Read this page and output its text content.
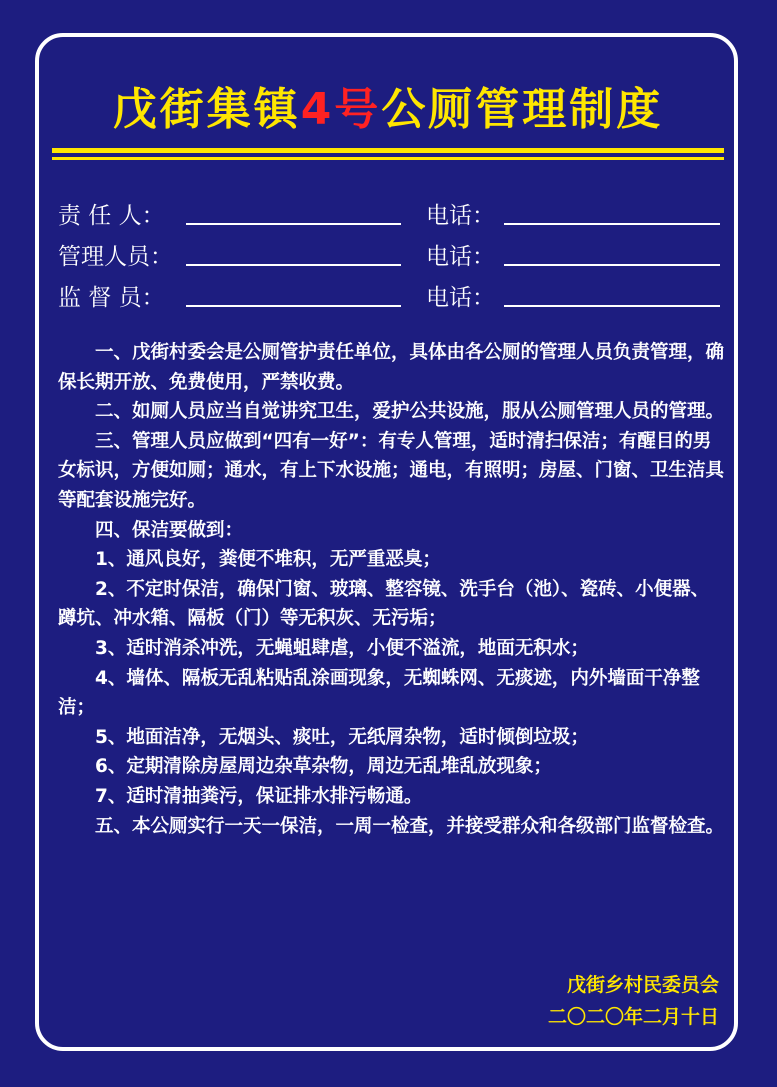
戊街集镇4号公厕管理制度
责 任 人：	电话：
管理人员：	电话：
监 督 员：	电话：

一、戊街村委会是公厕管护责任单位，具体由各公厕的管理人员负责管理，确保长期开放、免费使用，严禁收费。

二、如厕人员应当自觉讲究卫生，爱护公共设施，服从公厕管理人员的管理。

三、管理人员应做到“四有一好”：有专人管理，适时清扫保洁；有醒目的男女标识，方便如厕；通水，有上下水设施；通电，有照明；房屋、门窗、卫生洁具等配套设施完好。

四、保洁要做到：

1、通风良好，粪便不堆积，无严重恶臭；

2、不定时保洁，确保门窗、玻璃、整容镜、洗手台（池）、瓷砖、小便器、蹲坑、冲水箱、隔板（门）等无积灰、无污垢；

3、适时消杀冲洗，无蝇蛆肆虐，小便不溢流，地面无积水；

4、墙体、隔板无乱粘贴乱涂画现象，无蜘蛛网、无痰迹，内外墙面干净整洁；

5、地面洁净，无烟头、痰吐，无纸屑杂物，适时倾倒垃圾；

6、定期清除房屋周边杂草杂物，周边无乱堆乱放现象；

7、适时清抽粪污，保证排水排污畅通。

五、本公厕实行一天一保洁，一周一检查，并接受群众和各级部门监督检查。

戊街乡村民委员会
二〇二〇年二月十日
